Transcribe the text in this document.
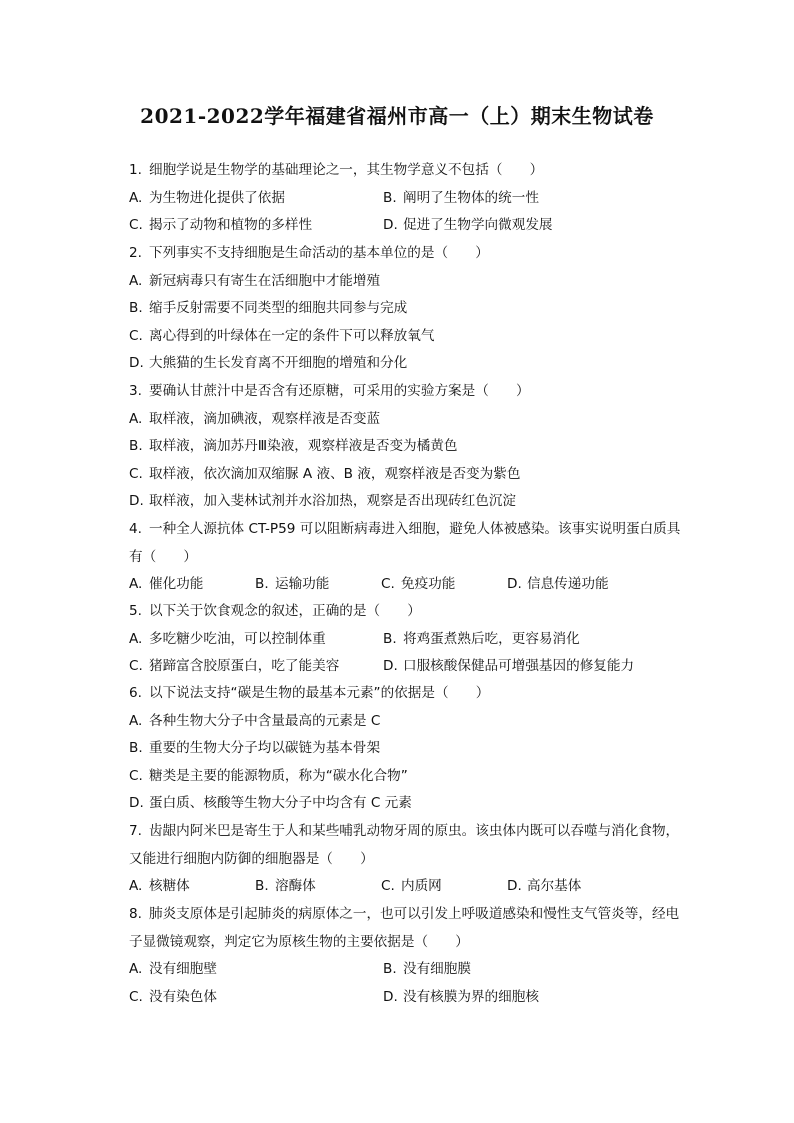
2021-2022学年福建省福州市高一（上）期末生物试卷
1. 细胞学说是生物学的基础理论之一，其生物学意义不包括（　　）
A. 为生物进化提供了依据	B. 阐明了生物体的统一性
C. 揭示了动物和植物的多样性	D. 促进了生物学向微观发展
2. 下列事实不支持细胞是生命活动的基本单位的是（　　）
A. 新冠病毒只有寄生在活细胞中才能增殖
B. 缩手反射需要不同类型的细胞共同参与完成
C. 离心得到的叶绿体在一定的条件下可以释放氧气
D. 大熊猫的生长发育离不开细胞的增殖和分化
3. 要确认甘蔗汁中是否含有还原糖，可采用的实验方案是（　　）
A. 取样液，滴加碘液，观察样液是否变蓝
B. 取样液，滴加苏丹Ⅲ染液，观察样液是否变为橘黄色
C. 取样液，依次滴加双缩脲 A 液、B 液，观察样液是否变为紫色
D. 取样液，加入斐林试剂并水浴加热，观察是否出现砖红色沉淀
4. 一种全人源抗体 CT-P59 可以阻断病毒进入细胞，避免人体被感染。该事实说明蛋白质具
有（　　）
A. 催化功能	B. 运输功能	C. 免疫功能	D. 信息传递功能
5. 以下关于饮食观念的叙述，正确的是（　　）
A. 多吃糖少吃油，可以控制体重	B. 将鸡蛋煮熟后吃，更容易消化
C. 猪蹄富含胶原蛋白，吃了能美容	D. 口服核酸保健品可增强基因的修复能力
6. 以下说法支持“碳是生物的最基本元素”的依据是（　　）
A. 各种生物大分子中含量最高的元素是 C
B. 重要的生物大分子均以碳链为基本骨架
C. 糖类是主要的能源物质，称为“碳水化合物”
D. 蛋白质、核酸等生物大分子中均含有 C 元素
7. 齿龈内阿米巴是寄生于人和某些哺乳动物牙周的原虫。该虫体内既可以吞噬与消化食物，
又能进行细胞内防御的细胞器是（　　）
A. 核糖体	B. 溶酶体	C. 内质网	D. 高尔基体
8. 肺炎支原体是引起肺炎的病原体之一，也可以引发上呼吸道感染和慢性支气管炎等，经电
子显微镜观察，判定它为原核生物的主要依据是（　　）
A. 没有细胞壁	B. 没有细胞膜
C. 没有染色体	D. 没有核膜为界的细胞核
